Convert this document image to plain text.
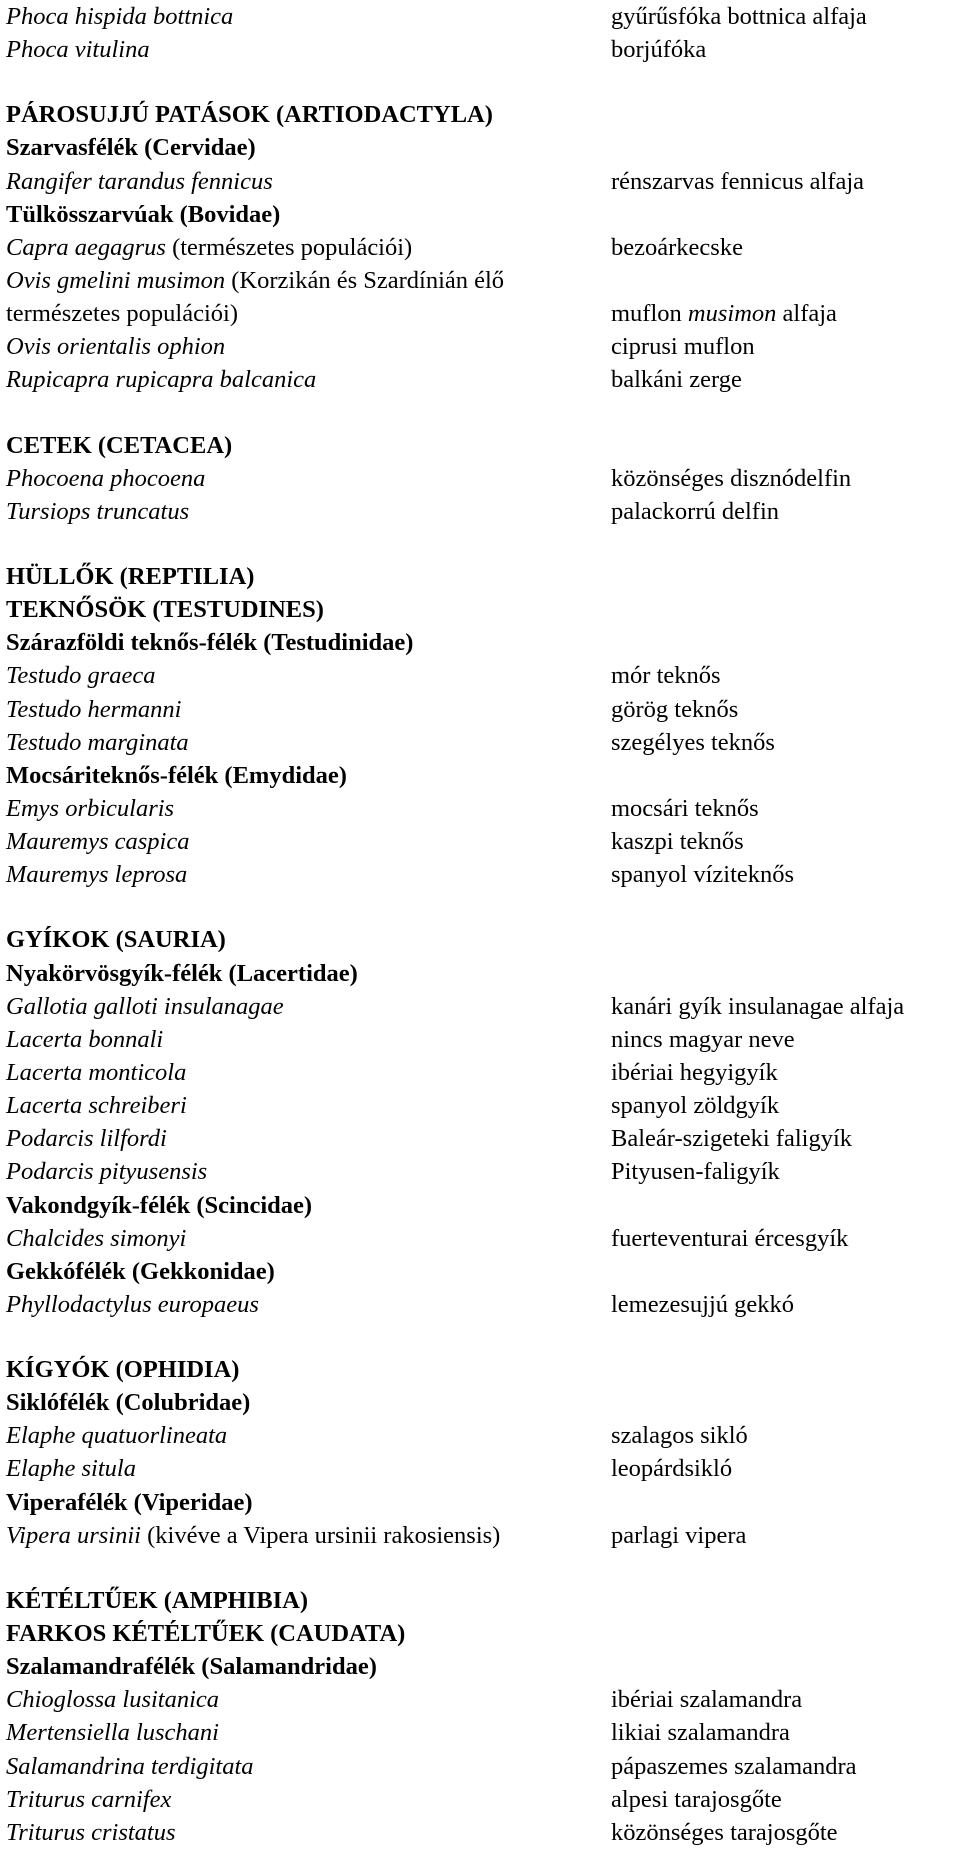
Phoca hispida bottnica	gyűrűsfóka bottnica alfaja
Phoca vitulina	borjúfóka
PÁROSUJJÚ PATÁSOK (ARTIODACTYLA)
Szarvasfélék (Cervidae)
Rangifer tarandus fennicus	rénszarvas fennicus alfaja
Tülkösszarvúak (Bovidae)
Capra aegagrus (természetes populációi)	bezoárkecske
Ovis gmelini musimon (Korzikán és Szardínián élő
természetes populációi)	muflon musimon alfaja
Ovis orientalis ophion	ciprusi muflon
Rupicapra rupicapra balcanica	balkáni zerge
CETEK (CETACEA)
Phocoena phocoena	közönséges disznódelfin
Tursiops truncatus	palackorrú delfin
HÜLLŐK (REPTILIA)
TEKNŐSÖK (TESTUDINES)
Szárazföldi teknős-félék (Testudinidae)
Testudo graeca	mór teknős
Testudo hermanni	görög teknős
Testudo marginata	szegélyes teknős
Mocsáriteknős-félék (Emydidae)
Emys orbicularis	mocsári teknős
Mauremys caspica	kaszpi teknős
Mauremys leprosa	spanyol víziteknős
GYÍKOK (SAURIA)
Nyakörvösgyík-félék (Lacertidae)
Gallotia galloti insulanagae	kanári gyík insulanagae alfaja
Lacerta bonnali	nincs magyar neve
Lacerta monticola	ibériai hegyigyík
Lacerta schreiberi	spanyol zöldgyík
Podarcis lilfordi	Baleár-szigeteki faligyík
Podarcis pityusensis	Pityusen-faligyík
Vakondgyík-félék (Scincidae)
Chalcides simonyi	fuerteventurai ércesgyík
Gekkófélék (Gekkonidae)
Phyllodactylus europaeus	lemezesujjú gekkó
KÍGYÓK (OPHIDIA)
Siklófélék (Colubridae)
Elaphe quatuorlineata	szalagos sikló
Elaphe situla	leopárdsikló
Viperafélék (Viperidae)
Vipera ursinii (kivéve a Vipera ursinii rakosiensis)	parlagi vipera
KÉTÉLTŰEK (AMPHIBIA)
FARKOS KÉTÉLTŰEK (CAUDATA)
Szalamandrafélék (Salamandridae)
Chioglossa lusitanica	ibériai szalamandra
Mertensiella luschani	likiai szalamandra
Salamandrina terdigitata	pápaszemes szalamandra
Triturus carnifex	alpesi tarajosgőte
Triturus cristatus	közönséges tarajosgőte
